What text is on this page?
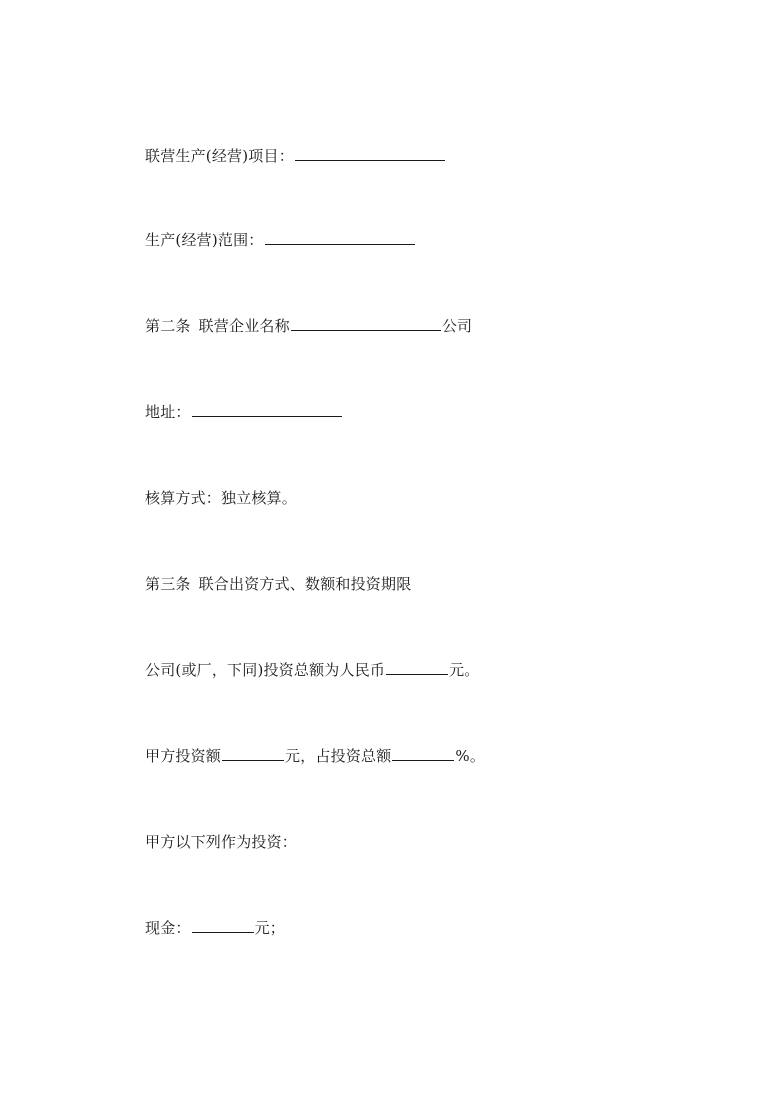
联营生产(经营)项目：
生产(经营)范围：
第二条 联营企业名称	公司
地址：
核算方式：独立核算。
第三条 联合出资方式、数额和投资期限
公司(或厂，下同)投资总额为人民币	元。
甲方投资额	元，占投资总额	%。
甲方以下列作为投资：
现金：	元；
